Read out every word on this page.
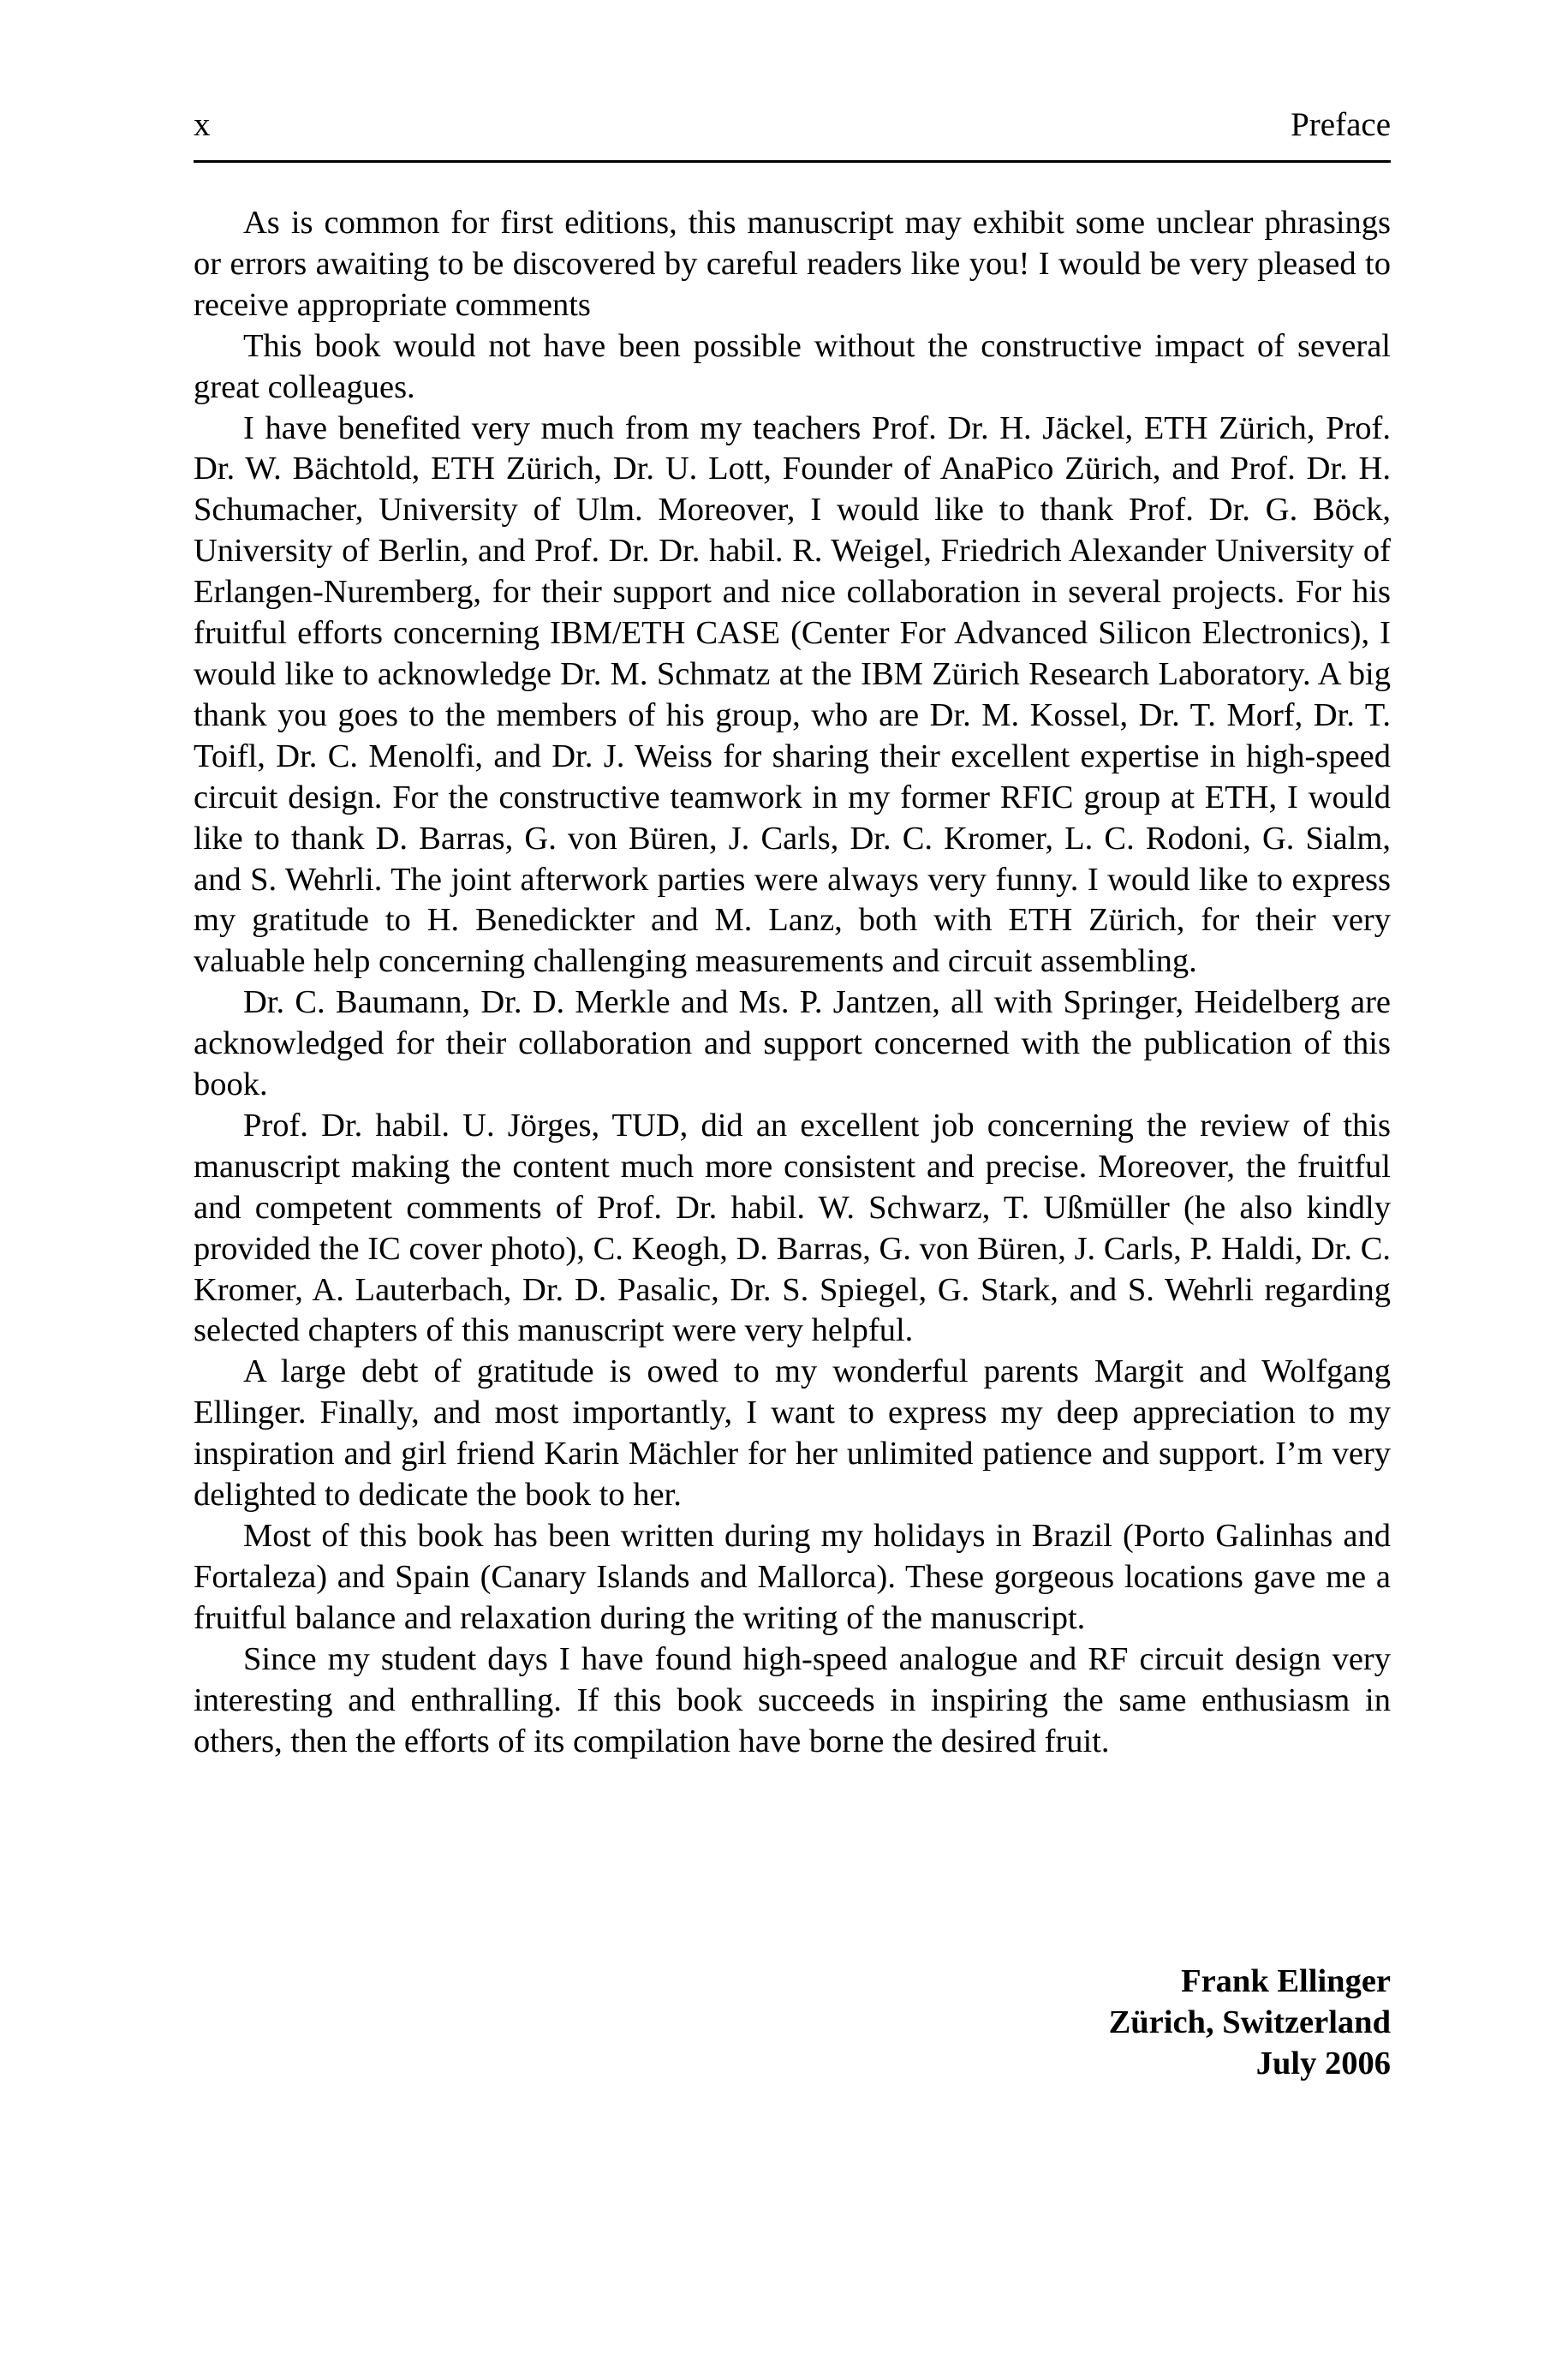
x	Preface

As is common for first editions, this manuscript may exhibit some unclear phrasings or errors awaiting to be discovered by careful readers like you! I would be very pleased to receive appropriate comments

This book would not have been possible without the constructive impact of several great colleagues.

I have benefited very much from my teachers Prof. Dr. H. Jäckel, ETH Zürich, Prof. Dr. W. Bächtold, ETH Zürich, Dr. U. Lott, Founder of AnaPico Zürich, and Prof. Dr. H. Schumacher, University of Ulm. Moreover, I would like to thank Prof. Dr. G. Böck, University of Berlin, and Prof. Dr. Dr. habil. R. Weigel, Friedrich Alexander University of Erlangen-Nuremberg, for their support and nice collaboration in several projects. For his fruitful efforts concerning IBM/ETH CASE (Center For Advanced Silicon Electronics), I would like to acknowledge Dr. M. Schmatz at the IBM Zürich Research Laboratory. A big thank you goes to the members of his group, who are Dr. M. Kossel, Dr. T. Morf, Dr. T. Toifl, Dr. C. Menolfi, and Dr. J. Weiss for sharing their excellent expertise in high-speed circuit design. For the constructive teamwork in my former RFIC group at ETH, I would like to thank D. Barras, G. von Büren, J. Carls, Dr. C. Kromer, L. C. Rodoni, G. Sialm, and S. Wehrli. The joint afterwork parties were always very funny. I would like to express my gratitude to H. Benedickter and M. Lanz, both with ETH Zürich, for their very valuable help concerning challenging measurements and circuit assembling.

Dr. C. Baumann, Dr. D. Merkle and Ms. P. Jantzen, all with Springer, Heidelberg are acknowledged for their collaboration and support concerned with the publication of this book.

Prof. Dr. habil. U. Jörges, TUD, did an excellent job concerning the review of this manuscript making the content much more consistent and precise. Moreover, the fruitful and competent comments of Prof. Dr. habil. W. Schwarz, T. Ußmüller (he also kindly provided the IC cover photo), C. Keogh, D. Barras, G. von Büren, J. Carls, P. Haldi, Dr. C. Kromer, A. Lauterbach, Dr. D. Pasalic, Dr. S. Spiegel, G. Stark, and S. Wehrli regarding selected chapters of this manuscript were very helpful.

A large debt of gratitude is owed to my wonderful parents Margit and Wolfgang Ellinger. Finally, and most importantly, I want to express my deep appreciation to my inspiration and girl friend Karin Mächler for her unlimited patience and support. I’m very delighted to dedicate the book to her.

Most of this book has been written during my holidays in Brazil (Porto Galinhas and Fortaleza) and Spain (Canary Islands and Mallorca). These gorgeous locations gave me a fruitful balance and relaxation during the writing of the manuscript.

Since my student days I have found high-speed analogue and RF circuit design very interesting and enthralling. If this book succeeds in inspiring the same enthusiasm in others, then the efforts of its compilation have borne the desired fruit.

Frank Ellinger
Zürich, Switzerland
July 2006
